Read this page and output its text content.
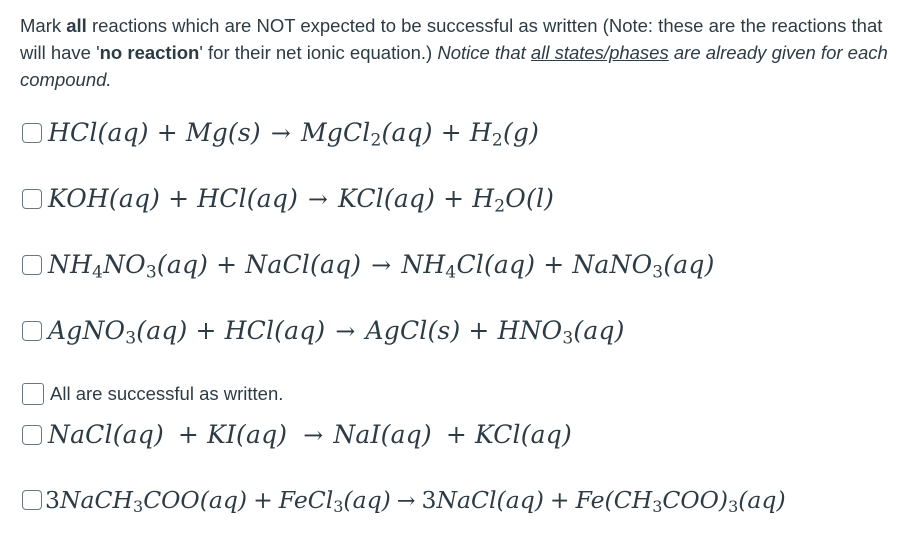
Mark all reactions which are NOT expected to be successful as written (Note: these are the reactions that will have 'no reaction' for their net ionic equation.) Notice that all states/phases are already given for each compound.
HCl(aq) + Mg(s) → MgCl$_2$(aq) + $H_2(g)$
$KOH(aq) + HCl(aq) \to KCl(aq) + H_2O(l)$
$NH_4NO_3(aq)$ + NaCl(aq) → $NH_4Cl(aq)$ + NaNO$_3$(aq)
AgNO$_3$(aq) + HCl(aq) → AgCl(s) + $HNO_3(aq)$
All are successful as written.
NaCl(aq) + KI(aq) → NaI(aq) + KCl(aq)
3NaCH$_3$COO(aq) + FeCl$_3$(aq) → 3NaCl(aq) + $Fe(CH_3COO)_3(aq)$
